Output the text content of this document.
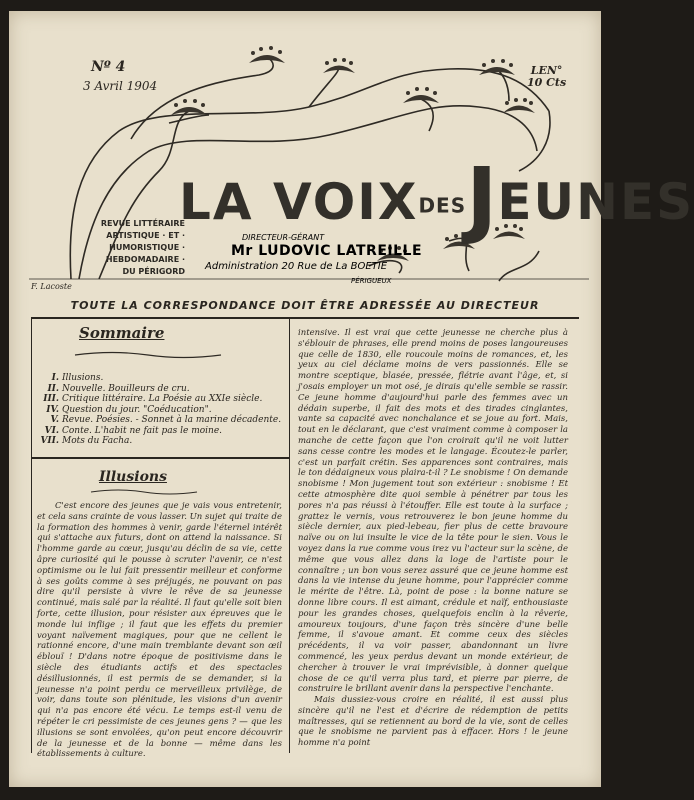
Nº 4
3 Avril 1904
LEN°
10 Cts
LA VOIXDESJEUNES
REVUE LITTÉRAIRE
ARTISTIQUE · ET ·
HUMORISTIQUE ·
HEBDOMADAIRE ·
DU PÉRIGORD
DIRECTEUR-GÉRANT
Mr LUDOVIC LATREILLE
Administration 20 Rue de La BOETIE
PÉRIGUEUX
F. Lacoste
TOUTE LA CORRESPONDANCE DOIT ÊTRE ADRESSÉE AU DIRECTEUR
Sommaire
I. Illusions.
II. Nouvelle. Bouilleurs de cru.
III. Critique littéraire. La Poésie au XXIe siècle.
IV. Question du jour. "Coéducation".
V. Revue. Poésies. - Sonnet à la marine décadente.
VI. Conte. L'habit ne fait pas le moine.
VII. Mots du Facha.
Illusions
C'est encore des jeunes que je vais vous entretenir, et cela sans crainte de vous lasser. Un sujet qui traite de la formation des hommes à venir, garde l'éternel intérêt qui s'attache aux futurs, dont on attend la naissance. Si l'homme garde au cœur, jusqu'au déclin de sa vie, cette âpre curiosité qui le pousse à scruter l'avenir, ce n'est optimisme ou le lui fait pressentir meilleur et conforme à ses goûts comme à ses préjugés, ne pouvant on pas dire qu'il persiste à vivre le rêve de sa jeunesse continué, mais salé par la réalité. Il faut qu'elle soit bien forte, cette illusion, pour résister aux épreuves que le monde lui inflige ; il faut que les effets du premier voyant naïvement magiques, pour que ne cellent le rationné encore, d'une main tremblante devant son œil éblouï ! D'dans notre époque de positivisme dans le siècle des étudiants actifs et des spectacles désillusionnés, il est permis de se demander, si la jeunesse n'a point perdu ce merveilleux privilège, de voir, dans toute son plénitude, les visions d'un avenir qui n'a pas encore été vécu. Le temps est-il venu de répéter le cri pessimiste de ces jeunes gens ? — que les illusions se sont envolées, qu'on peut encore découvrir de la jeunesse et de la bonne — même dans les établissements à culture.
intensive. Il est vrai que cette jeunesse ne cherche plus à s'éblouir de phrases, elle prend moins de poses langoureuses que celle de 1830, elle roucoule moins de romances, et, les yeux au ciel déclame moins de vers passionnés. Elle se montre sceptique, blasée, pressée, flétrie avant l'âge, et, si j'osais employer un mot osé, je dirais qu'elle semble se rassir. Ce jeune homme d'aujourd'hui parle des femmes avec un dédain superbe, il fait des mots et des tirades cinglantes, vante sa capacité avec nonchalance et se joue au fort. Mais, tout en le déclarant, que c'est vraiment comme à composer la manche de cette façon que l'on croirait qu'il ne voit lutter sans cesse contre les modes et le langage. Écoutez-le parler, c'est un parfait crétin. Ses apparences sont contraires, mais le ton dédaigneux vous plaira-t-il ? Le snobisme ! On demande snobisme ! Mon jugement tout son extérieur : snobisme ! Et cette atmosphère dite quoi semble à pénétrer par tous les pores n'a pas réussi à l'étouffer. Elle est toute à la surface ; grattez le vernis, vous retrouverez le bon jeune homme du siècle dernier, aux pied-lebeau, fier plus de cette bravoure naïve ou on lui insulte le vice de la tête pour le sien. Vous le voyez dans la rue comme vous irez vu l'acteur sur la scène, de même que vous allez dans la loge de l'artiste pour le connaître ; un bon vous serez assuré que ce jeune homme est dans la vie intense du jeune homme, pour l'apprécier comme le mérite de l'être. Là, point de pose : la bonne nature se donne libre cours. Il est aimant, crédule et naïf, enthousiaste pour les grandes choses, quelquefois enclin à la rêverie, amoureux toujours, d'une façon très sincère d'une belle femme, il s'avoue amant. Et comme ceux des siècles précédents, il va voir passer, abandonnant un livre commencé, les yeux perdus devant un monde extérieur, de chercher à trouver le vrai imprévisible, à donner quelque chose de ce qu'il verra plus tard, et pierre par pierre, de construire le brillant avenir dans la perspective l'enchante.
Mais dussiez-vous croire en réalité, il est aussi plus sincère qu'il ne l'est et d'écrire de rédemption de petits maîtresses, qui se retiennent au bord de la vie, sont de celles que le snobisme ne parvient pas à effacer. Hors ! le jeune homme n'a point
